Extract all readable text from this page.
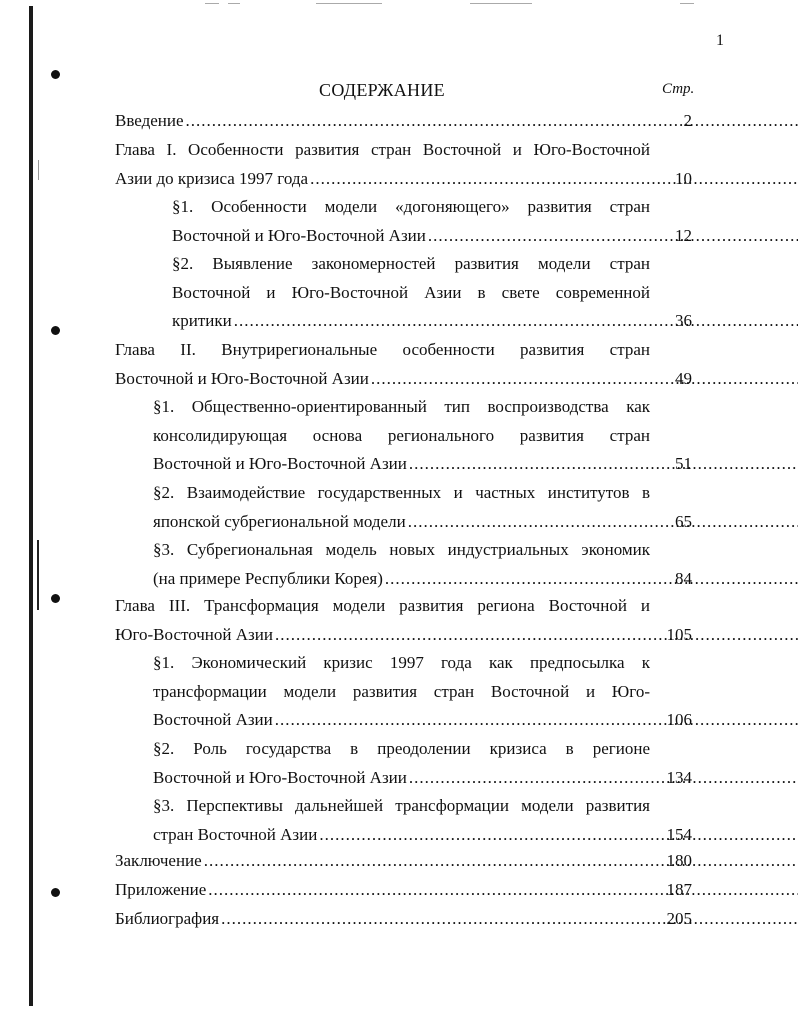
1
СОДЕРЖАНИЕ	Стр.
Введение .....	2
Глава I. Особенности развития стран Восточной и Юго-Восточной
Азии до кризиса 1997 года .....	10
§1. Особенности модели «догоняющего» развития стран
Восточной и Юго-Восточной Азии .....	12
§2. Выявление закономерностей развития модели стран
Восточной и Юго-Восточной Азии в свете современной
критики .....	36
Глава II. Внутрирегиональные особенности развития стран
Восточной и Юго-Восточной Азии .....	49
§1. Общественно-ориентированный тип воспроизводства как
консолидирующая основа регионального развития стран
Восточной и Юго-Восточной Азии .....	51
§2. Взаимодействие государственных и частных институтов в
японской субрегиональной модели .....	65
§3. Субрегиональная модель новых индустриальных экономик
(на примере Республики Корея) .....	84
Глава III. Трансформация модели развития региона Восточной и
Юго-Восточной Азии .....	105
§1. Экономический кризис 1997 года как предпосылка к
трансформации модели развития стран Восточной и Юго-
Восточной Азии .....	106
§2. Роль государства в преодолении кризиса в регионе
Восточной и Юго-Восточной Азии .....	134
§3. Перспективы дальнейшей трансформации модели развития
стран Восточной Азии .....	154
Заключение .....	180
Приложение .....	187
Библиография .....	205
